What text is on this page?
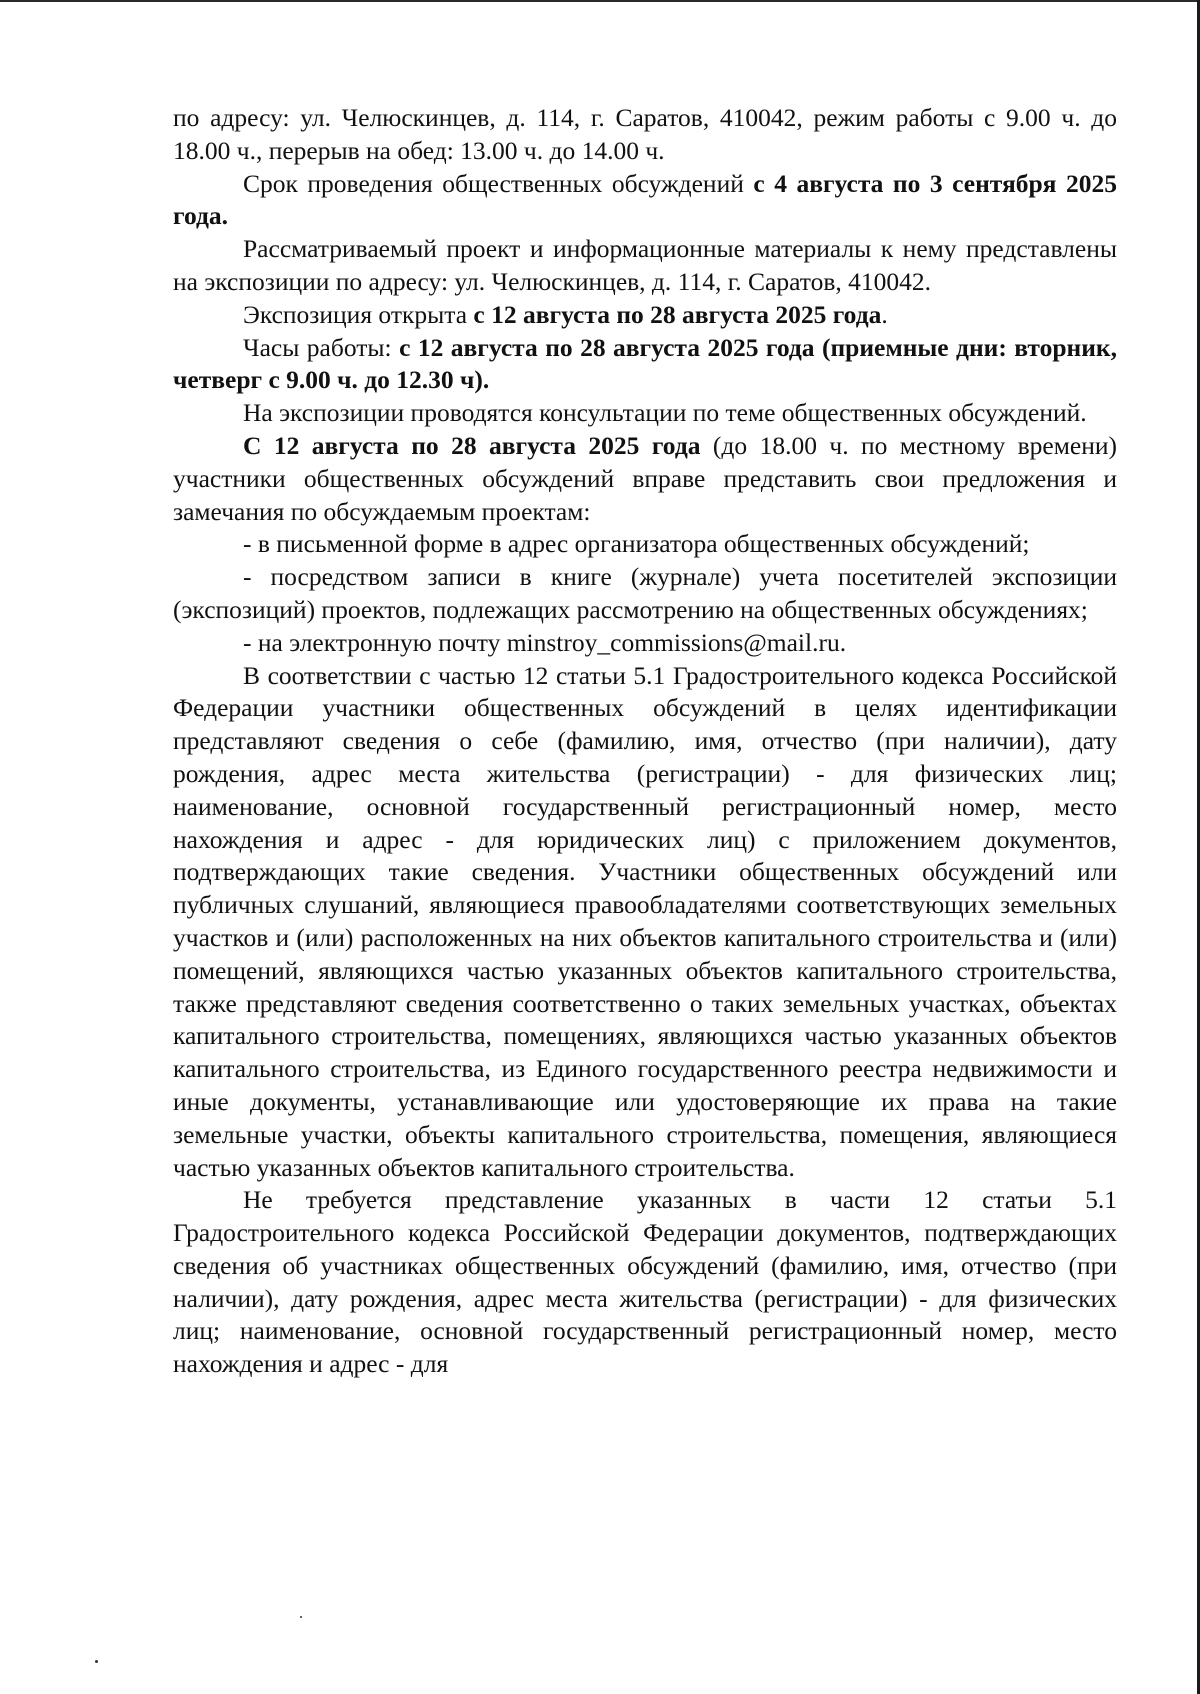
по адресу: ул. Челюскинцев, д. 114, г. Саратов, 410042, режим работы с 9.00 ч. до 18.00 ч., перерыв на обед: 13.00 ч. до 14.00 ч.

Срок проведения общественных обсуждений с 4 августа по 3 сентября 2025 года.

Рассматриваемый проект и информационные материалы к нему представлены на экспозиции по адресу: ул. Челюскинцев, д. 114, г. Саратов, 410042.

Экспозиция открыта с 12 августа по 28 августа 2025 года.

Часы работы: с 12 августа по 28 августа 2025 года (приемные дни: вторник, четверг с 9.00 ч. до 12.30 ч).

На экспозиции проводятся консультации по теме общественных обсуждений.

С 12 августа по 28 августа 2025 года (до 18.00 ч. по местному времени) участники общественных обсуждений вправе представить свои предложения и замечания по обсуждаемым проектам:

- в письменной форме в адрес организатора общественных обсуждений;

- посредством записи в книге (журнале) учета посетителей экспозиции (экспозиций) проектов, подлежащих рассмотрению на общественных обсуждениях;

- на электронную почту minstroy_commissions@mail.ru.

В соответствии с частью 12 статьи 5.1 Градостроительного кодекса Российской Федерации участники общественных обсуждений в целях идентификации представляют сведения о себе (фамилию, имя, отчество (при наличии), дату рождения, адрес места жительства (регистрации) - для физических лиц; наименование, основной государственный регистрационный номер, место нахождения и адрес - для юридических лиц) с приложением документов, подтверждающих такие сведения. Участники общественных обсуждений или публичных слушаний, являющиеся правообладателями соответствующих земельных участков и (или) расположенных на них объектов капитального строительства и (или) помещений, являющихся частью указанных объектов капитального строительства, также представляют сведения соответственно о таких земельных участках, объектах капитального строительства, помещениях, являющихся частью указанных объектов капитального строительства, из Единого государственного реестра недвижимости и иные документы, устанавливающие или удостоверяющие их права на такие земельные участки, объекты капитального строительства, помещения, являющиеся частью указанных объектов капитального строительства.

Не требуется представление указанных в части 12 статьи 5.1 Градостроительного кодекса Российской Федерации документов, подтверждающих сведения об участниках общественных обсуждений (фамилию, имя, отчество (при наличии), дату рождения, адрес места жительства (регистрации) - для физических лиц; наименование, основной государственный регистрационный номер, место нахождения и адрес - для
